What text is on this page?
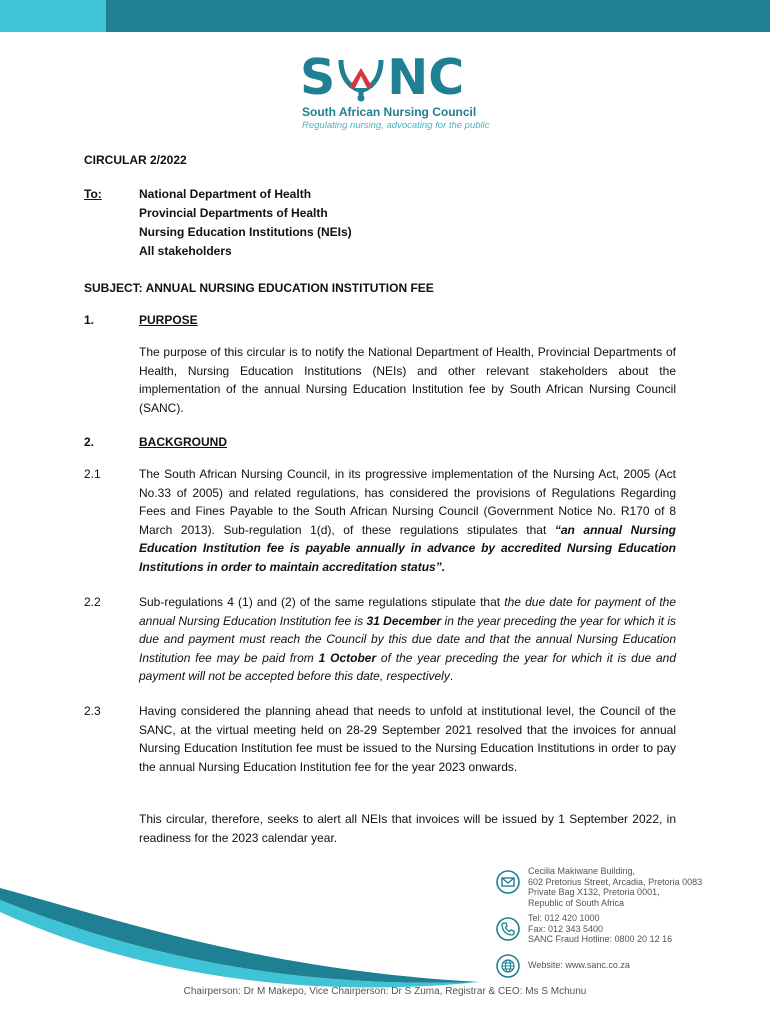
S NC
South African Nursing Council
Regulating nursing, advocating for the public
CIRCULAR 2/2022
To:	National Department of Health
Provincial Departments of Health
Nursing Education Institutions (NEIs)
All stakeholders
SUBJECT: ANNUAL NURSING EDUCATION INSTITUTION FEE
1.	PURPOSE
The purpose of this circular is to notify the National Department of Health, Provincial Departments of Health, Nursing Education Institutions (NEIs) and other relevant stakeholders about the implementation of the annual Nursing Education Institution fee by South African Nursing Council (SANC).
2.	BACKGROUND
2.1	The South African Nursing Council, in its progressive implementation of the Nursing Act, 2005 (Act No.33 of 2005) and related regulations, has considered the provisions of Regulations Regarding Fees and Fines Payable to the South African Nursing Council (Government Notice No. R170 of 8 March 2013). Sub-regulation 1(d), of these regulations stipulates that “an annual Nursing Education Institution fee is payable annually in advance by accredited Nursing Education Institutions in order to maintain accreditation status”.
2.2	Sub-regulations 4 (1) and (2) of the same regulations stipulate that the due date for payment of the annual Nursing Education Institution fee is 31 December in the year preceding the year for which it is due and payment must reach the Council by this due date and that the annual Nursing Education Institution fee may be paid from 1 October of the year preceding the year for which it is due and payment will not be accepted before this date, respectively.
2.3	Having considered the planning ahead that needs to unfold at institutional level, the Council of the SANC, at the virtual meeting held on 28-29 September 2021 resolved that the invoices for annual Nursing Education Institution fee must be issued to the Nursing Education Institutions in order to pay the annual Nursing Education Institution fee for the year 2023 onwards.
This circular, therefore, seeks to alert all NEIs that invoices will be issued by 1 September 2022, in readiness for the 2023 calendar year.
Cecilia Makiwane Building,
602 Pretorius Street, Arcadia, Pretoria 0083
Private Bag X132, Pretoria 0001,
Republic of South Africa
Tel: 012 420 1000
Fax: 012 343 5400
SANC Fraud Hotline: 0800 20 12 16
Website: www.sanc.co.za
Chairperson: Dr M Makepo, Vice Chairperson: Dr S Zuma, Registrar & CEO: Ms S Mchunu
